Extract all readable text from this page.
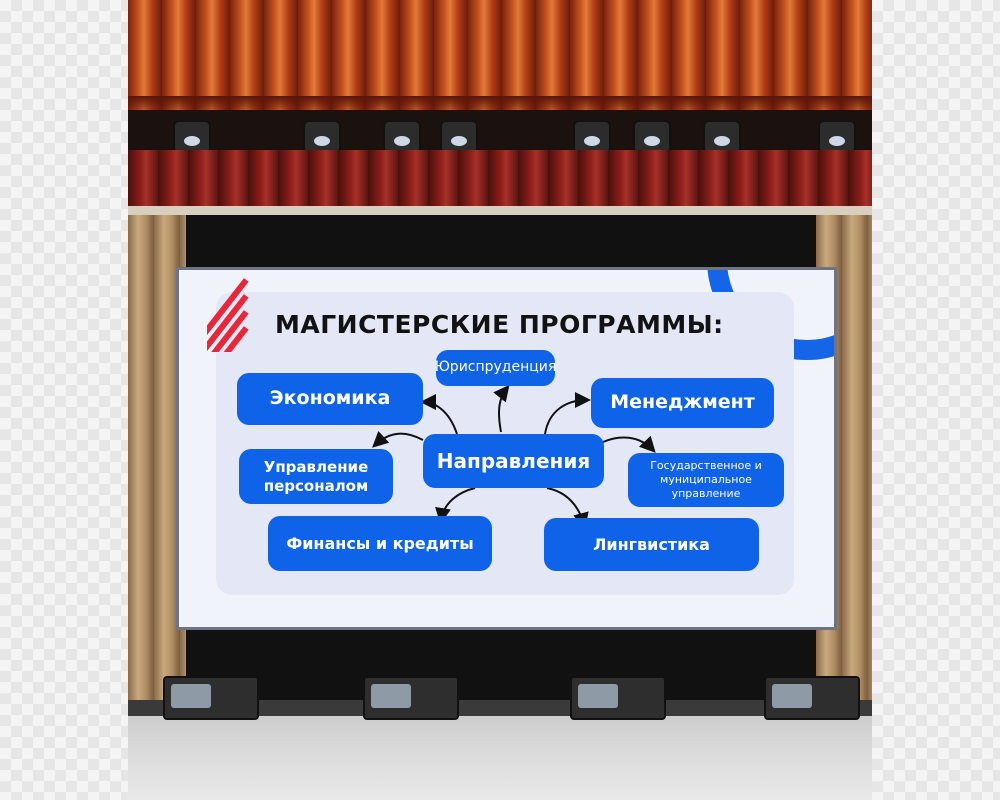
МАГИСТЕРСКИЕ ПРОГРАММЫ:
Юриспруденция
Экономика	Менеджмент
Направления
Управление персоналом
Государственное и муниципальное управление
Финансы и кредиты	Лингвистика
